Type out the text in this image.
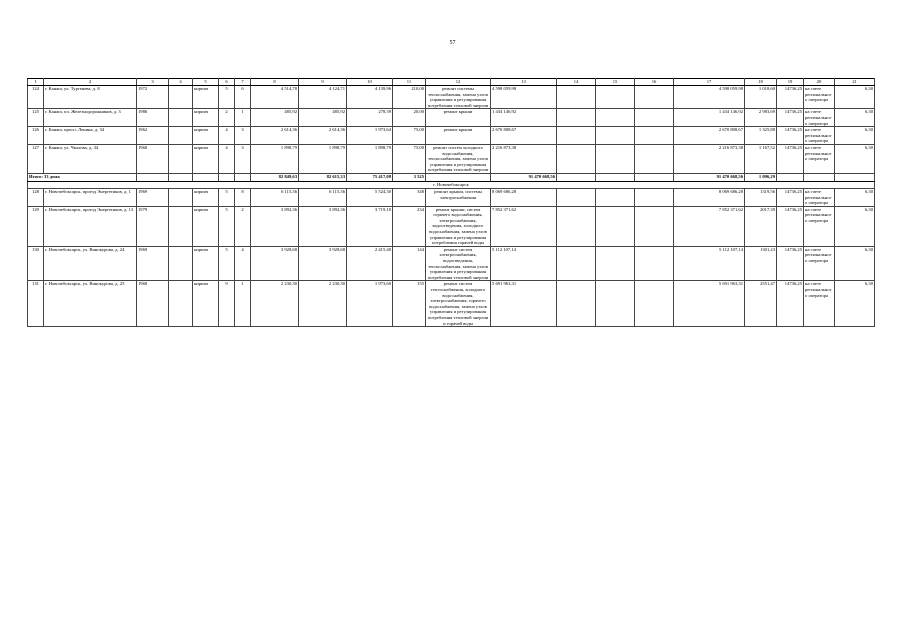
57
1	2	3	4	5	6	7	8	9	10	11	12	13	14	15	16	17	18	19	20	21
124	г. Канаш, ул. Тургенева, д. 8	1972		кирпич	5	6	4 514,78	4 124,71	4 139,96	210,00	ремонт системы теплоснабжения, замена узлов управления и регулирования потребления тепловой энергии	4 598 059,98				4 598 059,98	1 018,60	14736,25	на счете регионального оператора	6,30
125	г. Канаш, пл. Железнодорожников, д. 3	1986		кирпич	2	1	485,92	485,92	278,39	20,00	ремонт крыши	1 434 146,92				1 434 146,92	2 983,69	14736,25	на счете регионального оператора	6,30
126	г. Канаш, просп. Ленина, д. 34	1962		кирпич	4	3	2 614,36	2 614,36	1 973,64	75,00	ремонт крыши	2 670 808,67				2 670 808,67	1 325,88	14736,25	на счете регионального оператора	6,30
127	г. Канаш, ул. Чкалова, д. 34	1960		кирпич	4	3	1 898,79	1 898,79	1 898,79	75,00	ремонт систем холодного водоснабжения, теплоснабжения, замена узлов управления и регулирования потребления тепловой энергии	2 216 873,38				2 216 873,38	1 167,52	14736,25	на счете регионального оператора	6,30
Итого: 33 дома							82 849,63	82 615,33	75 417,08	3 525		91 470 668,56				91 470 668,56	1 096,29			
г. Новочебоксарск																				
128	г. Новочебоксарск, проезд Энергетиков, д. 1	1969		кирпич	5	8	6 115,36	6 115,36	5 524,30	348	ремонт крыши, системы электроснабжения	8 069 686,28				8 069 686,28	1319,56	14736,25	на счете регионального оператора	6,30
129	г. Новочебоксарск, проезд Энергетиков, д. 13	1979		кирпич	5	2	3 892,36	3 892,36	3 719,10	234	ремонт крыши, систем горячего водоснабжения, электроснабжения, водоотведения, холодного водоснабжения, замена узлов управления и регулирования потребления горячей воды	7 852 371,62				7 852 371,62	2017,39	14736,25	на счете регионального оператора	6,30
130	г. Новочебоксарск, ул. Винокурова, д. 24	1969		кирпич	5	4	3 928,68	3 928,68	2 415,40	144	ремонт систем электроснабжения, водоотведения, теплоснабжения, замена узлов управления и регулирования потребления тепловой энергии	5 112 107,14				5 112 107,14	1301,23	14736,25	на счете регионального оператора	6,30
131	г. Новочебоксарск, ул. Винокурова, д. 25	1968		кирпич	9	1	2 230,30	2 230,30	1 973,60	155	ремонт систем теплоснабжения, холодного водоснабжения, электроснабжения, горячего водоснабжения, замена узлов управления и регулирования потребления тепловой энергии и горячей воды	5 691 963,31				5 691 963,31	2551,47	14736,25	на счете регионального оператора	6,30
